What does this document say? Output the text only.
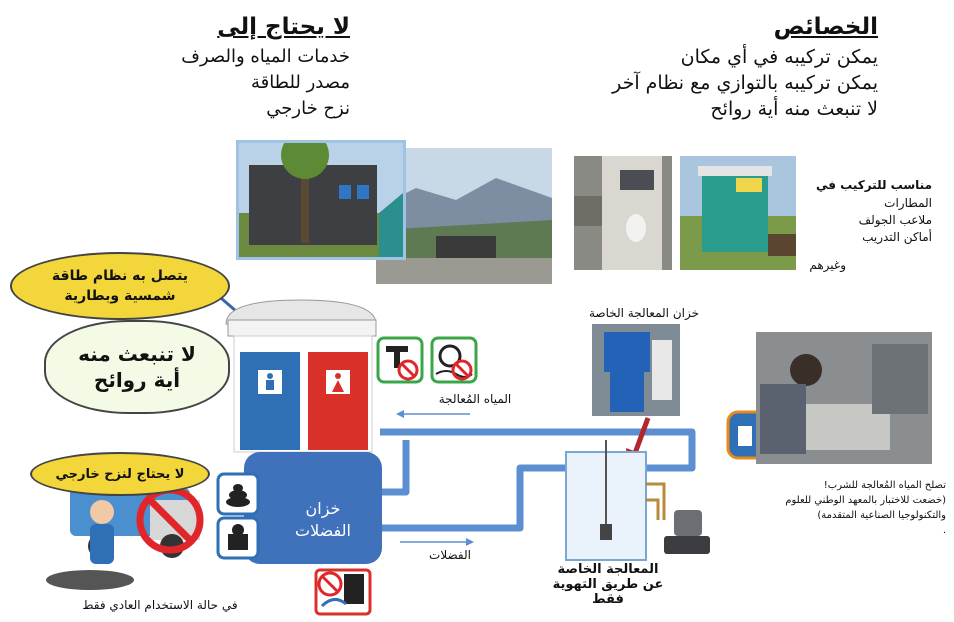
لا يحتاج إلى
خدمات المياه والصرف
مصدر للطاقة
نزح خارجي
الخصائص
يمكن تركيبه في أي مكان
يمكن تركيبه بالتوازي مع نظام آخر
لا تنبعث منه أية روائح
مناسب للتركيب في
المطارات
ملاعب الجولف
أماكن التدريب
وغيرهم
يتصل به نظام طاقة شمسية وبطارية
لا تنبعث منه أية روائح
لا يحتاج لنزح خارجي
خزان الفضلات
المياه المُعالجة
الفضلات
خزان المعالجة الخاصة
المعالجة الخاصة
عن طريق التهوية فقط
تصلح المياه المُعالجة للشرب!
(خضعت للاختبار بالمعهد الوطني للعلوم
والتكنولوجيا الصناعية المتقدمة)
.
في حالة الاستخدام العادي فقط
